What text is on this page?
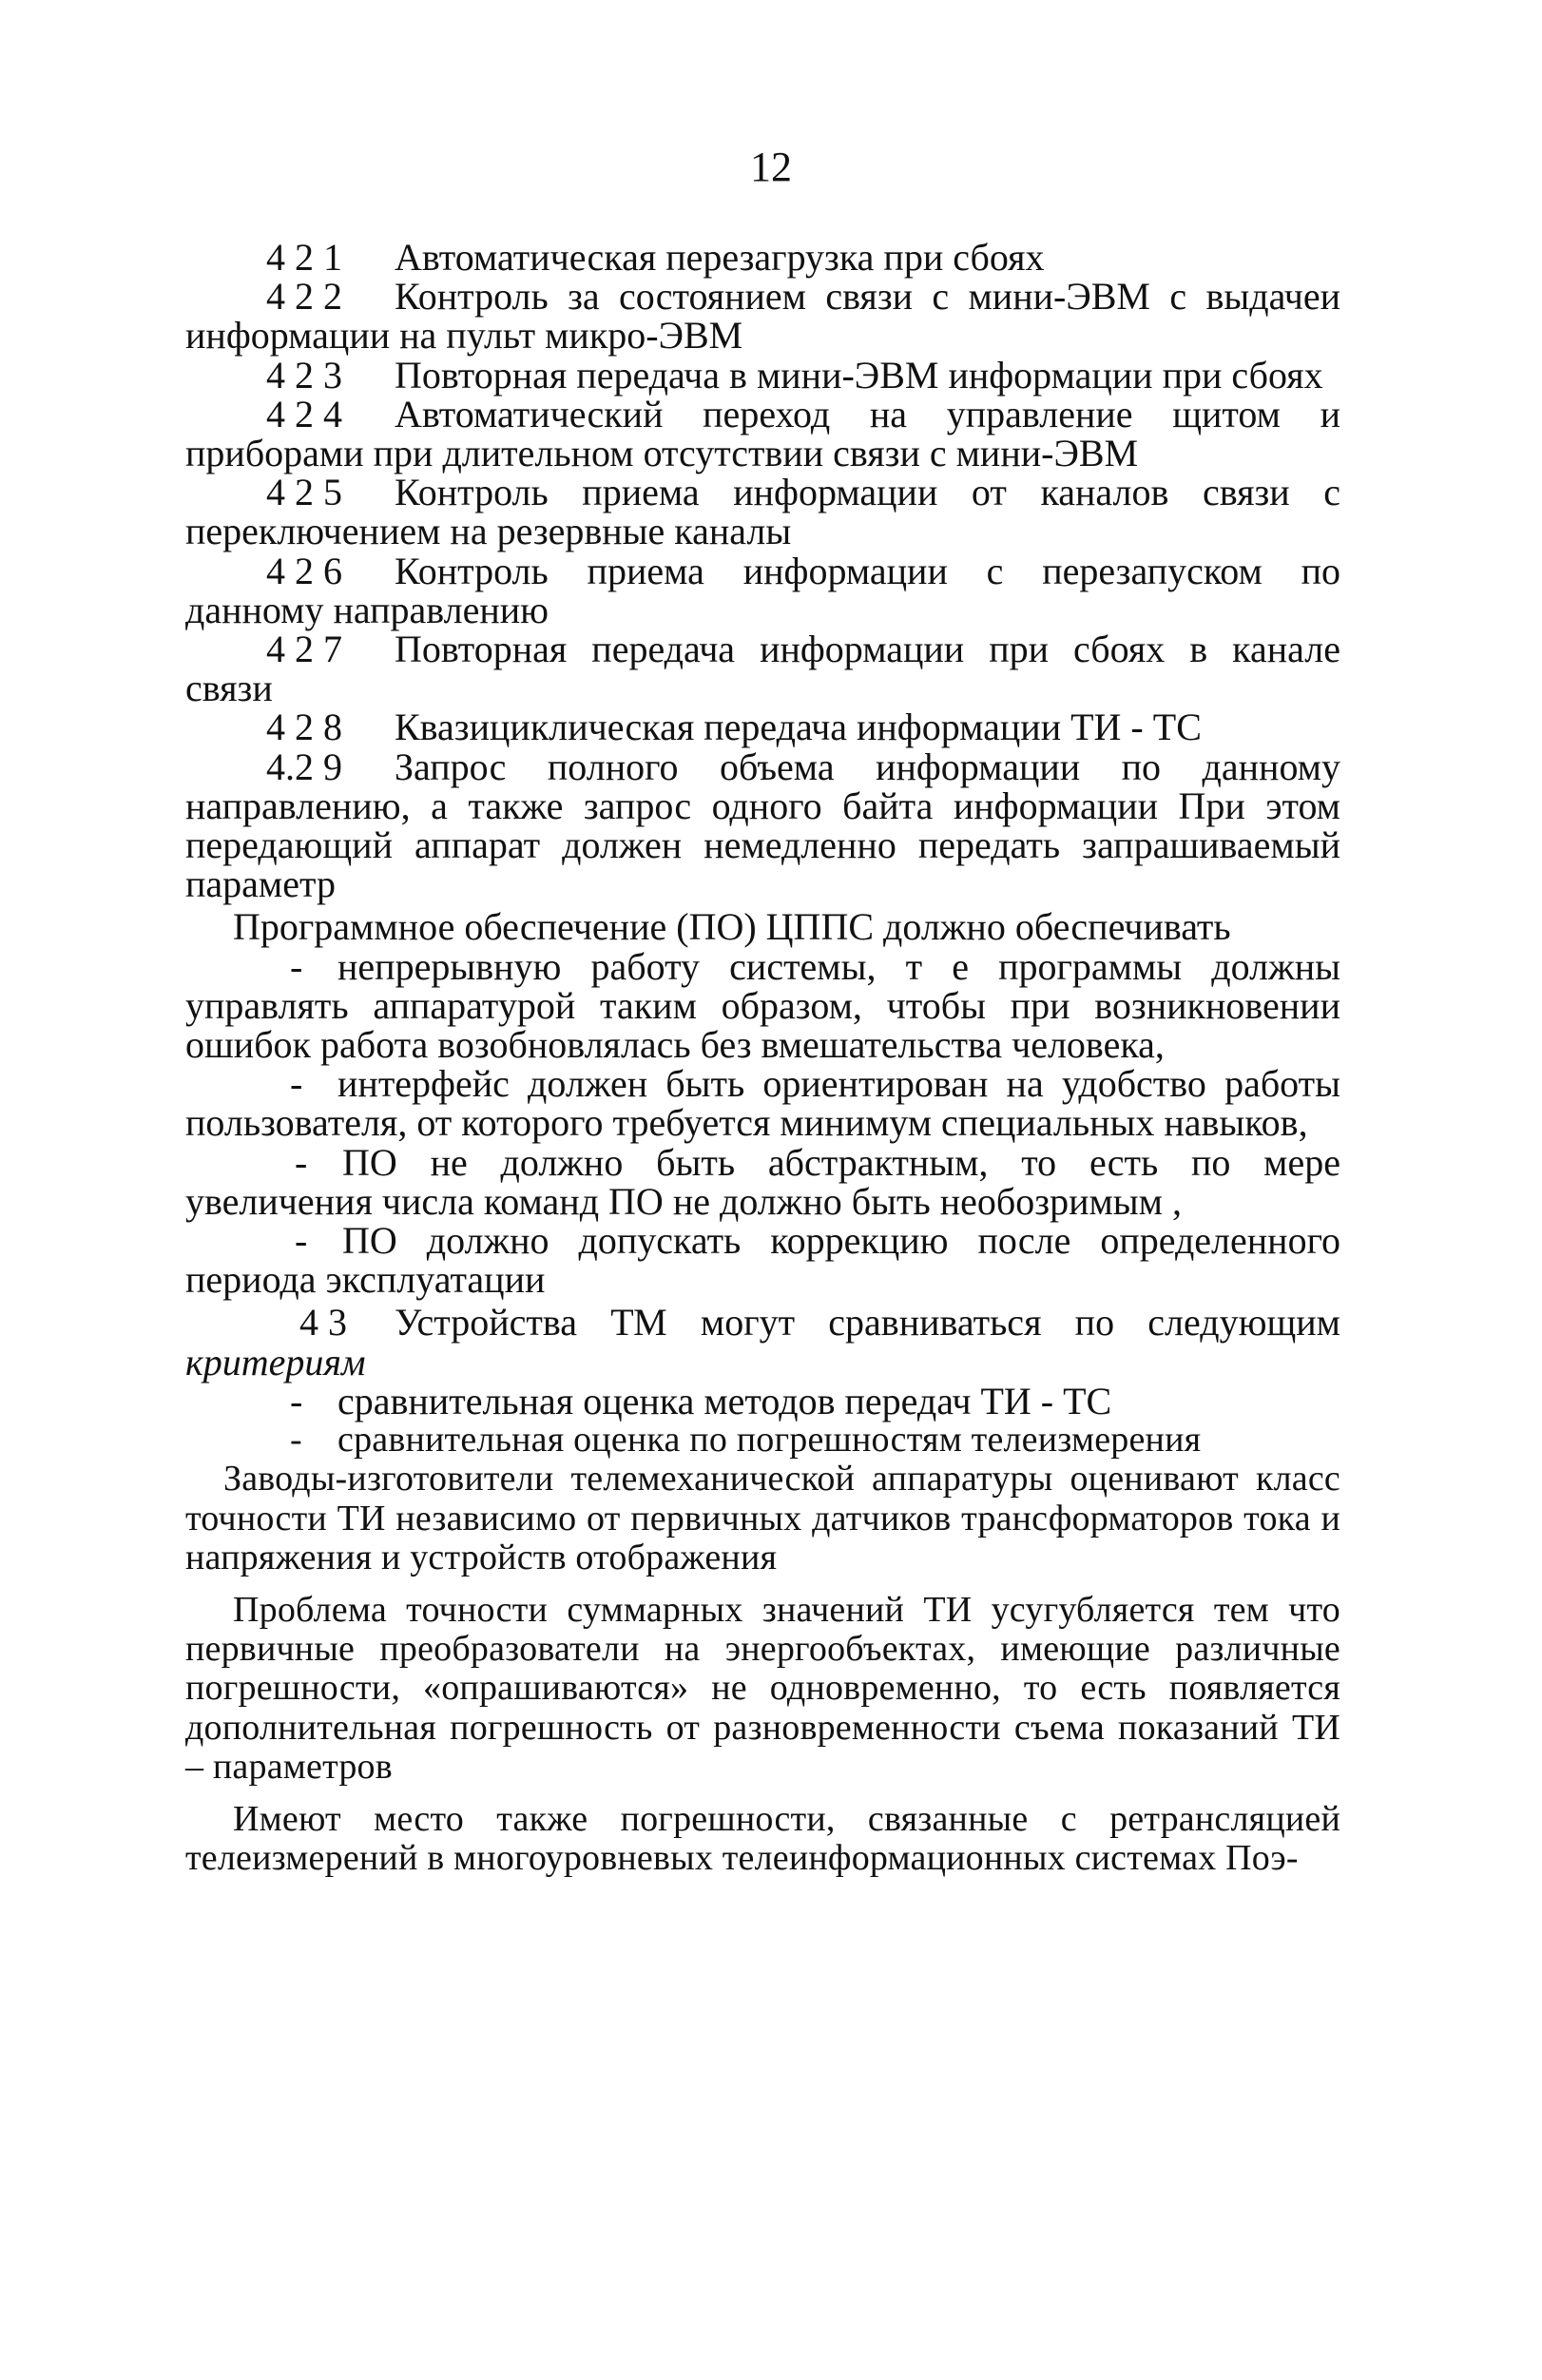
12

4 2 1 Автоматическая перезагрузка при сбоях

4 2 2 Контроль за состоянием связи с мини-ЭВМ с выдачеи информации на пульт микро-ЭВМ

4 2 3 Повторная передача в мини-ЭВМ информации при сбоях

4 2 4 Автоматический переход на управление щитом и приборами при длительном отсутствии связи с мини-ЭВМ

4 2 5 Контроль приема информации от каналов связи с переключением на резервные каналы

4 2 6 Контроль приема информации с перезапуском по данному направлению

4 2 7 Повторная передача информации при сбоях в канале связи

4 2 8 Квазициклическая передача информации ТИ - ТС

4.2 9 Запрос полного объема информации по данному направлению, а также запрос одного байта информации При этом передающий аппарат должен немедленно передать запрашиваемый параметр

Программное обеспечение (ПО) ЦППС должно обеспечивать

- непрерывную работу системы, т е программы должны управлять аппаратурой таким образом, чтобы при возникновении ошибок работа возобновлялась без вмешательства человека,

- интерфейс должен быть ориентирован на удобство работы пользователя, от которого требуется минимум специальных навыков,

- ПО не должно быть абстрактным, то есть по мере увеличения числа команд ПО не должно быть необозримым ,

- ПО должно допускать коррекцию после определенного периода эксплуатации

4 3 Устройства ТМ могут сравниваться по следующим критериям

- сравнительная оценка методов передач ТИ - ТС

- сравнительная оценка по погрешностям телеизмерения

Заводы-изготовители телемеханической аппаратуры оценивают класс точности ТИ независимо от первичных датчиков трансформаторов тока и напряжения и устройств отображения

Проблема точности суммарных значений ТИ усугубляется тем что первичные преобразователи на энергообъектах, имеющие различные погрешности, «опрашиваются» не одновременно, то есть появляется дополнительная погрешность от разновременности съема показаний ТИ – параметров

Имеют место также погрешности, связанные с ретрансляцией телеизмерений в многоуровневых телеинформационных системах Поэ-
